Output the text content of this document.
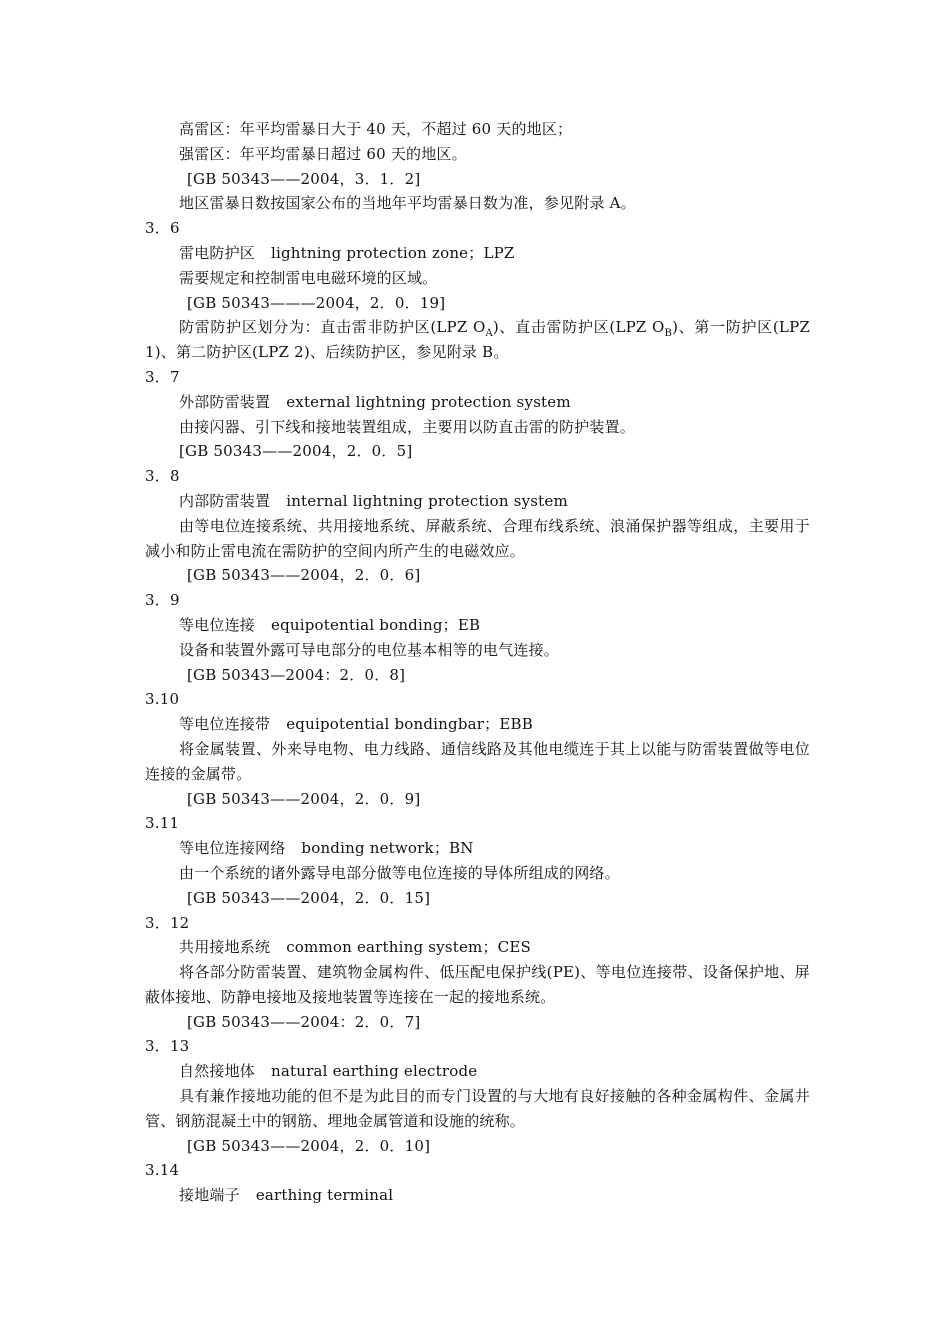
高雷区：年平均雷暴日大于 40 天，不超过 60 天的地区；
强雷区：年平均雷暴日超过 60 天的地区。
[GB 50343——2004，3．1．2]
地区雷暴日数按国家公布的当地年平均雷暴日数为准，参见附录 A。
3．6
雷电防护区 lightning protection zone；LPZ
需要规定和控制雷电电磁环境的区域。
[GB 50343———2004，2．0．19]
防雷防护区划分为：直击雷非防护区(LPZ $O_A$)、直击雷防护区(LPZ $O_B$)、第一防护区(LPZ 1)、第二防护区(LPZ 2)、后续防护区，参见附录 B。
3．7
外部防雷装置 external lightning protection system
由接闪器、引下线和接地装置组成，主要用以防直击雷的防护装置。
[GB 50343——2004，2．0．5]
3．8
内部防雷装置 internal lightning protection system
由等电位连接系统、共用接地系统、屏蔽系统、合理布线系统、浪涌保护器等组成，主要用于减小和防止雷电流在需防护的空间内所产生的电磁效应。
[GB 50343——2004，2．0．6]
3．9
等电位连接 equipotential bonding；EB
设备和装置外露可导电部分的电位基本相等的电气连接。
[GB 50343—2004：2．0．8]
3.10
等电位连接带 equipotential bondingbar；EBB
将金属装置、外来导电物、电力线路、通信线路及其他电缆连于其上以能与防雷装置做等电位连接的金属带。
[GB 50343——2004，2．0．9]
3.11
等电位连接网络 bonding network；BN
由一个系统的诸外露导电部分做等电位连接的导体所组成的网络。
[GB 50343——2004，2．0．15]
3．12
共用接地系统 common earthing system；CES
将各部分防雷装置、建筑物金属构件、低压配电保护线(PE)、等电位连接带、设备保护地、屏蔽体接地、防静电接地及接地装置等连接在一起的接地系统。
[GB 50343——2004：2．0．7]
3．13
自然接地体 natural earthing electrode
具有兼作接地功能的但不是为此目的而专门设置的与大地有良好接触的各种金属构件、金属井管、钢筋混凝土中的钢筋、埋地金属管道和设施的统称。
[GB 50343——2004，2．0．10]
3.14
接地端子 earthing terminal
